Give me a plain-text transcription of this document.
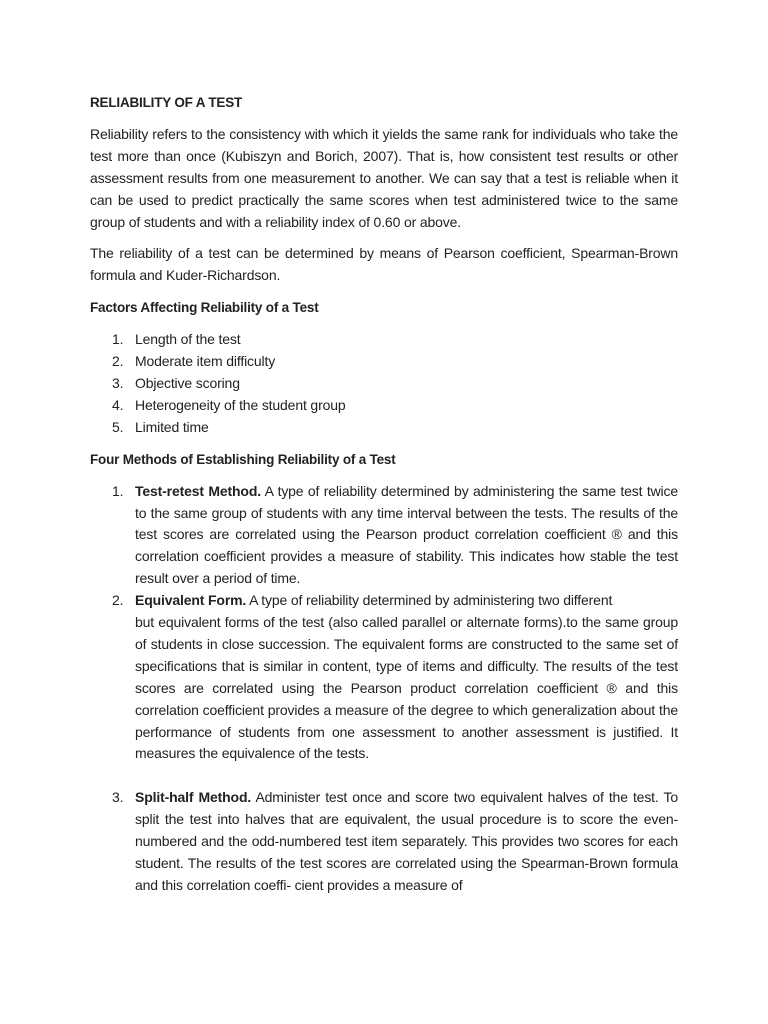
RELIABILITY OF A TEST

Reliability refers to the consistency with which it yields the same rank for individuals who take the test more than once (Kubiszyn and Borich, 2007). That is, how consistent test results or other assessment results from one measurement to another. We can say that a test is reliable when it can be used to predict practically the same scores when test administered twice to the same group of students and with a reliability index of 0.60 or above.

The reliability of a test can be determined by means of Pearson coefficient, Spearman-Brown formula and Kuder-Richardson.

Factors Affecting Reliability of a Test
1. Length of the test
2. Moderate item difficulty
3. Objective scoring
4. Heterogeneity of the student group
5. Limited time
Four Methods of Establishing Reliability of a Test
1. Test-retest Method. A type of reliability determined by administering the same test twice to the same group of students with any time interval between the tests. The results of the test scores are correlated using the Pearson product correlation coefficient ® and this correlation coefficient provides a measure of stability. This indicates how stable the test result over a period of time.
2. Equivalent Form. A type of reliability determined by administering two different

but equivalent forms of the test (also called parallel or alternate forms).to the same group of students in close succession. The equivalent forms are constructed to the same set of specifications that is similar in content, type of items and difficulty. The results of the test scores are correlated using the Pearson product correlation coefficient ® and this correlation coefficient provides a measure of the degree to which generalization about the performance of students from one assessment to another assessment is justified. It measures the equivalence of the tests.
3. Split-half Method. Administer test once and score two equivalent halves of the test. To split the test into halves that are equivalent, the usual procedure is to score the even-numbered and the odd-numbered test item separately. This provides two scores for each student. The results of the test scores are correlated using the Spearman-Brown formula and this correlation coeffi- cient provides a measure of
